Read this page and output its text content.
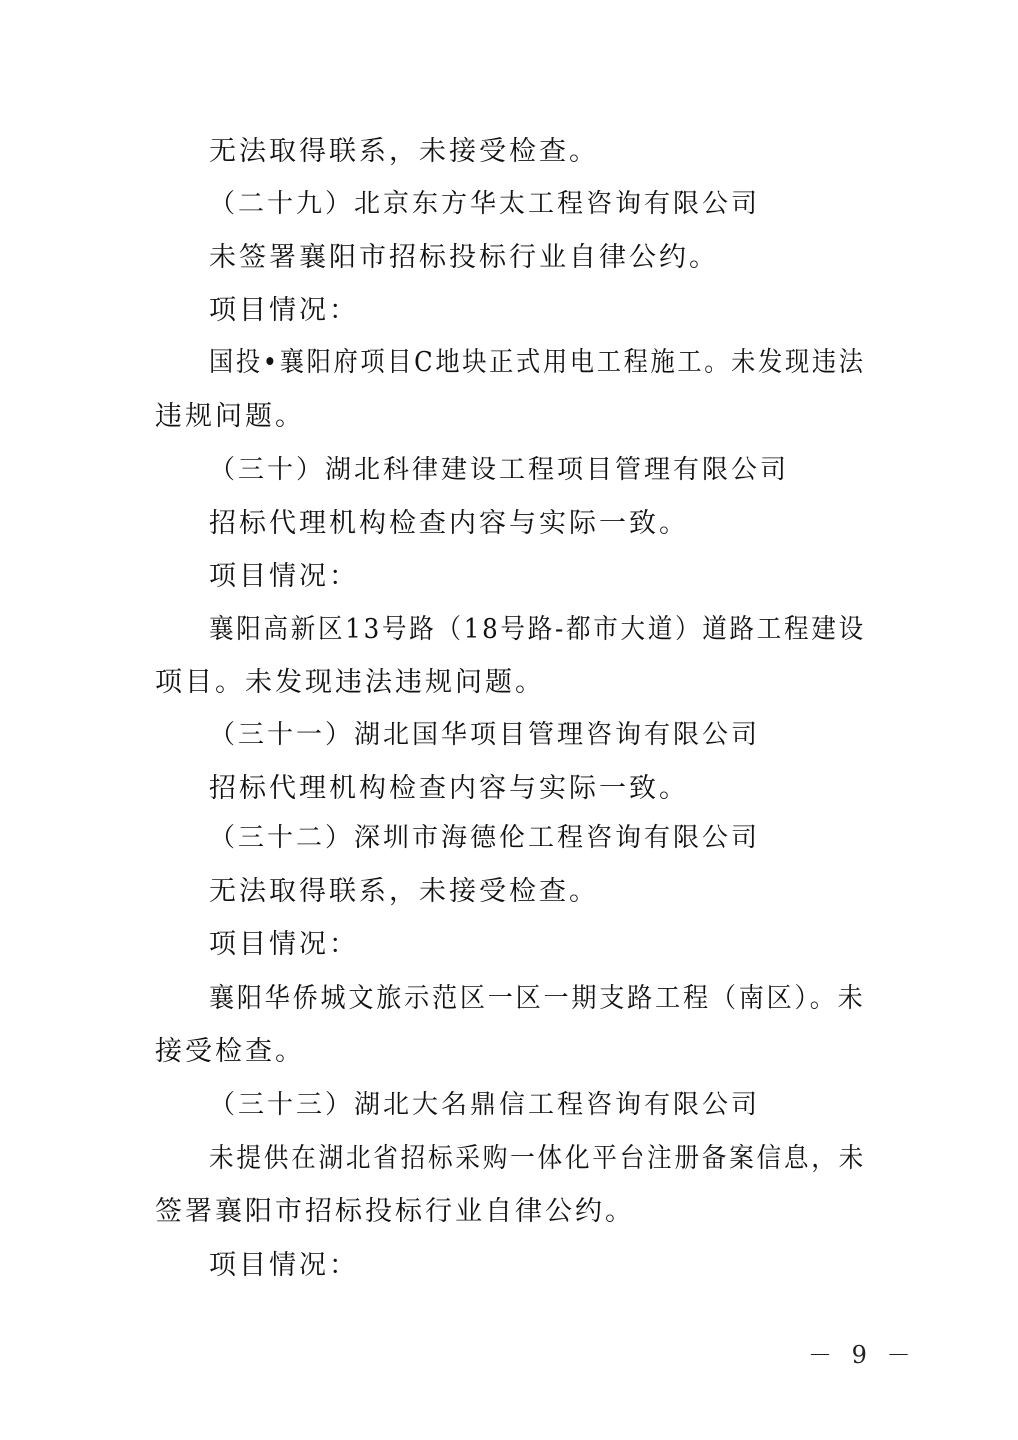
无法取得联系，未接受检查。
（二十九）北京东方华太工程咨询有限公司
未签署襄阳市招标投标行业自律公约。
项目情况：
国投•襄阳府项目C地块正式用电工程施工。未发现违法
违规问题。
（三十）湖北科律建设工程项目管理有限公司
招标代理机构检查内容与实际一致。
项目情况：
襄阳高新区13号路（18号路-都市大道）道路工程建设
项目。未发现违法违规问题。
（三十一）湖北国华项目管理咨询有限公司
招标代理机构检查内容与实际一致。
（三十二）深圳市海德伦工程咨询有限公司
无法取得联系，未接受检查。
项目情况：
襄阳华侨城文旅示范区一区一期支路工程（南区）。未
接受检查。
（三十三）湖北大名鼎信工程咨询有限公司
未提供在湖北省招标采购一体化平台注册备案信息，未
签署襄阳市招标投标行业自律公约。
项目情况：
－ 9 －
